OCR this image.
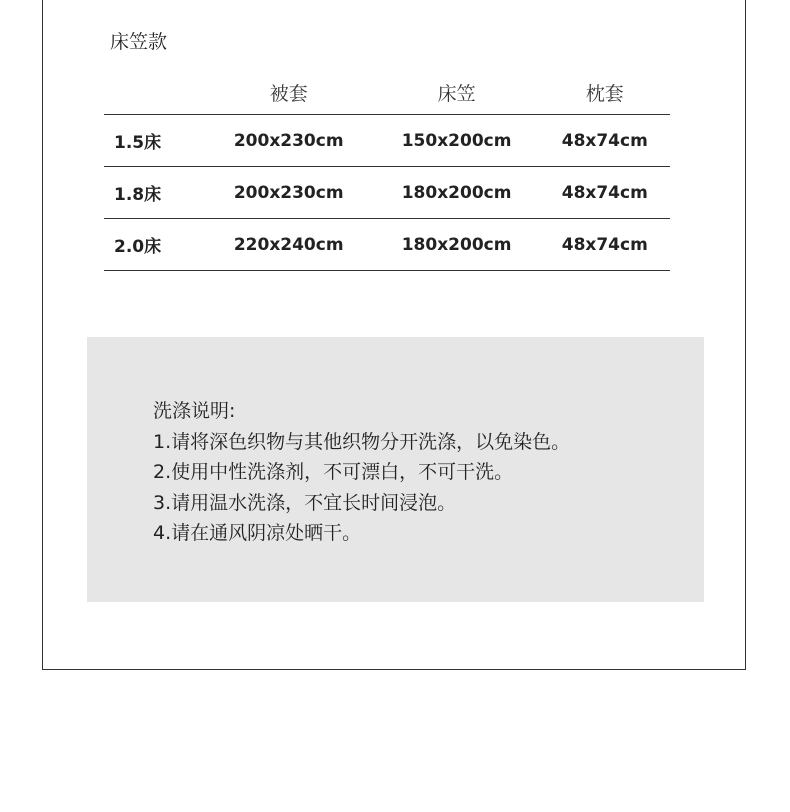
床笠款
	被套	床笠	枕套
1.5床	200x230cm	150x200cm	48x74cm
1.8床	200x230cm	180x200cm	48x74cm
2.0床	220x240cm	180x200cm	48x74cm
洗涤说明:
1.请将深色织物与其他织物分开洗涤，以免染色。
2.使用中性洗涤剂，不可漂白，不可干洗。
3.请用温水洗涤，不宜长时间浸泡。
4.请在通风阴凉处晒干。
